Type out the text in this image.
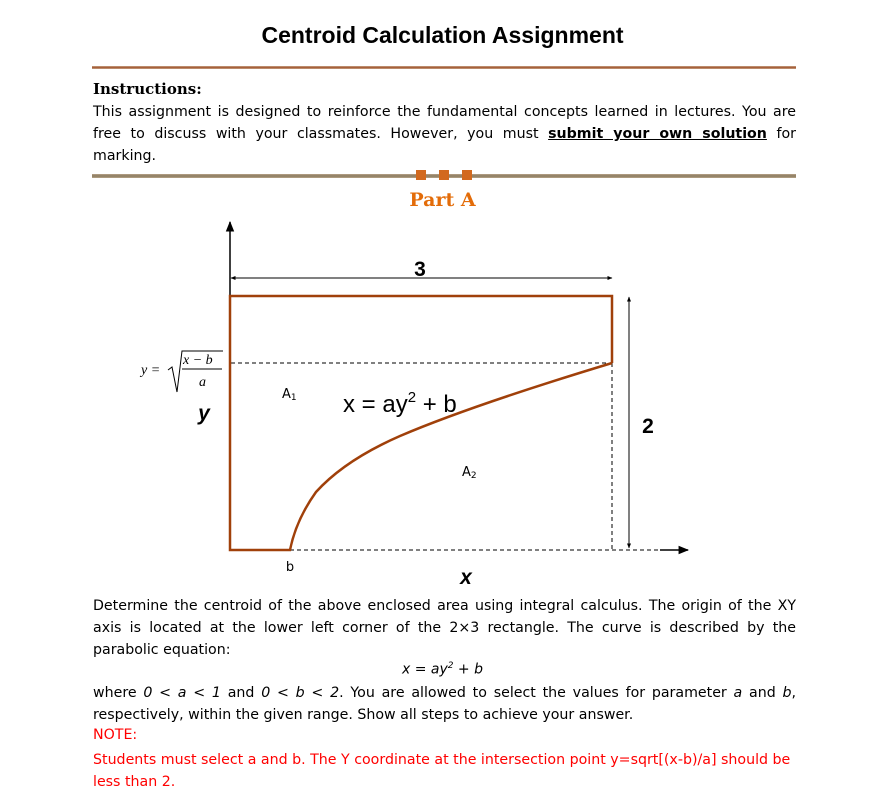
Centroid Calculation Assignment
Instructions:
This assignment is designed to reinforce the fundamental concepts learned in lectures. You are free to discuss with your classmates. However, you must submit your own solution for marking.
Part A
3
2
$x = ay^2 + b$
A1
A2
b	x
y
y =
x − b
a
Determine the centroid of the above enclosed area using integral calculus. The origin of the XY axis is located at the lower left corner of the 2×3 rectangle. The curve is described by the parabolic equation:
$x = ay^2 + b$
where 0 < a < 1 and 0 < b < 2. You are allowed to select the values for parameter a and b, respectively, within the given range. Show all steps to achieve your answer.
NOTE:
Students must select a and b. The Y coordinate at the intersection point y=sqrt[(x-b)/a] should be less than 2.
